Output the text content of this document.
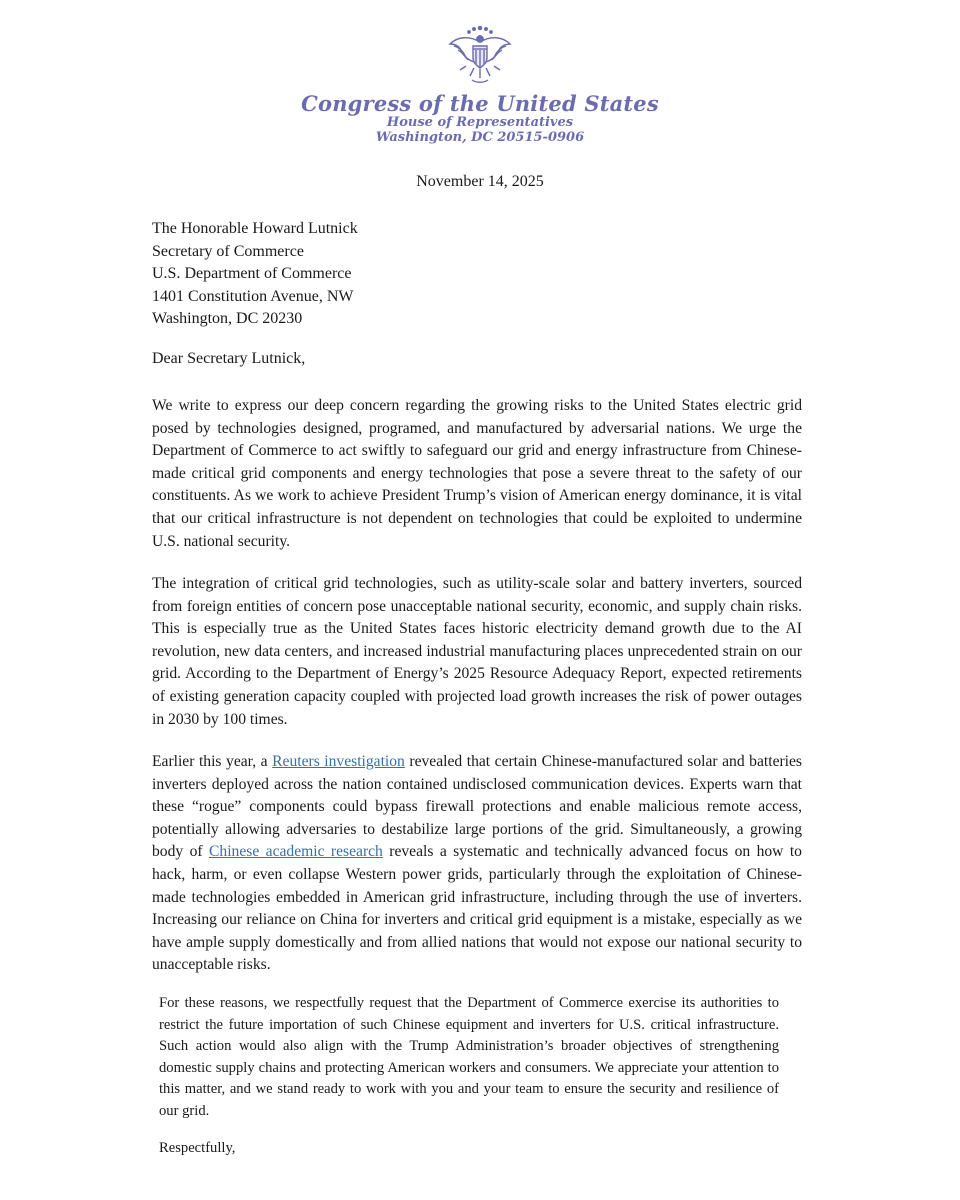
Congress of the United States
House of Representatives
Washington, DC 20515-0906
November 14, 2025
The Honorable Howard Lutnick
Secretary of Commerce
U.S. Department of Commerce
1401 Constitution Avenue, NW
Washington, DC 20230
Dear Secretary Lutnick,

We write to express our deep concern regarding the growing risks to the United States electric grid posed by technologies designed, programed, and manufactured by adversarial nations. We urge the Department of Commerce to act swiftly to safeguard our grid and energy infrastructure from Chinese-made critical grid components and energy technologies that pose a severe threat to the safety of our constituents. As we work to achieve President Trump’s vision of American energy dominance, it is vital that our critical infrastructure is not dependent on technologies that could be exploited to undermine U.S. national security.

The integration of critical grid technologies, such as utility-scale solar and battery inverters, sourced from foreign entities of concern pose unacceptable national security, economic, and supply chain risks. This is especially true as the United States faces historic electricity demand growth due to the AI revolution, new data centers, and increased industrial manufacturing places unprecedented strain on our grid. According to the Department of Energy’s 2025 Resource Adequacy Report, expected retirements of existing generation capacity coupled with projected load growth increases the risk of power outages in 2030 by 100 times.

Earlier this year, a Reuters investigation revealed that certain Chinese-manufactured solar and batteries inverters deployed across the nation contained undisclosed communication devices. Experts warn that these “rogue” components could bypass firewall protections and enable malicious remote access, potentially allowing adversaries to destabilize large portions of the grid. Simultaneously, a growing body of Chinese academic research reveals a systematic and technically advanced focus on how to hack, harm, or even collapse Western power grids, particularly through the exploitation of Chinese-made technologies embedded in American grid infrastructure, including through the use of inverters. Increasing our reliance on China for inverters and critical grid equipment is a mistake, especially as we have ample supply domestically and from allied nations that would not expose our national security to unacceptable risks.

For these reasons, we respectfully request that the Department of Commerce exercise its authorities to restrict the future importation of such Chinese equipment and inverters for U.S. critical infrastructure. Such action would also align with the Trump Administration’s broader objectives of strengthening domestic supply chains and protecting American workers and consumers. We appreciate your attention to this matter, and we stand ready to work with you and your team to ensure the security and resilience of our grid.

Respectfully,
